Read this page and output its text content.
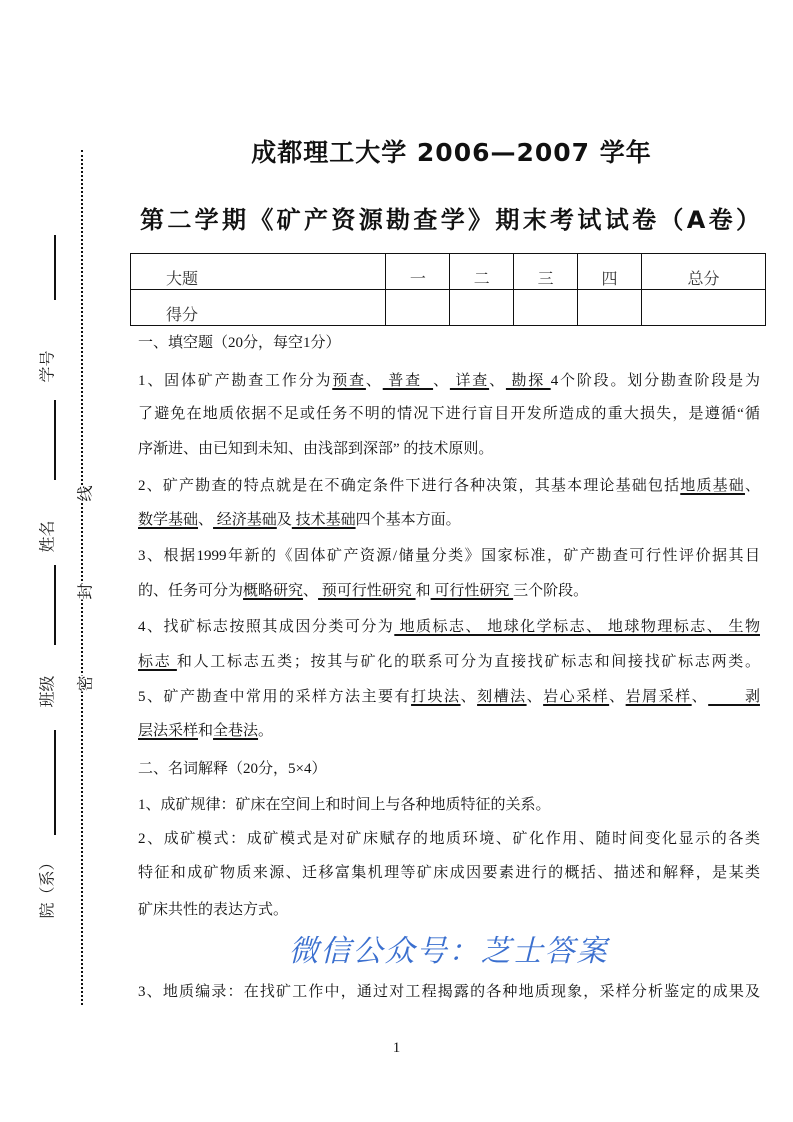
线
封
密
学号
姓名
班级
院（系）
成都理工大学 2006—2007 学年
第二学期《矿产资源勘查学》期末考试试卷（A卷）
大题	一	二	三	四	总分
得分					
一、填空题（20分，每空1分）
1、固体矿产勘查工作分为预查、 普查  、 详查、 勘探 4个阶段。划分勘查阶段是为
了避免在地质依据不足或任务不明的情况下进行盲目开发所造成的重大损失，是遵循“循
序渐进、由已知到未知、由浅部到深部” 的技术原则。
2、矿产勘查的特点就是在不确定条件下进行各种决策，其基本理论基础包括地质基础、
数学基础、 经济基础及 技术基础四个基本方面。
3、根据1999年新的《固体矿产资源/储量分类》国家标准，矿产勘查可行性评价据其目
的、任务可分为概略研究、 预可行性研究 和 可行性研究 三个阶段。
4、找矿标志按照其成因分类可分为 地质标志、 地球化学标志、 地球物理标志、 生物
标志 和人工标志五类；按其与矿化的联系可分为直接找矿标志和间接找矿标志两类。
5、矿产勘查中常用的采样方法主要有打块法、刻槽法、岩心采样、岩屑采样、       剥
层法采样和全巷法。
二、名词解释（20分，5×4）
1、成矿规律：矿床在空间上和时间上与各种地质特征的关系。
2、成矿模式：成矿模式是对矿床赋存的地质环境、矿化作用、随时间变化显示的各类
特征和成矿物质来源、迁移富集机理等矿床成因要素进行的概括、描述和解释，是某类
矿床共性的表达方式。
3、地质编录：在找矿工作中，通过对工程揭露的各种地质现象，采样分析鉴定的成果及
微信公众号：芝士答案
1
